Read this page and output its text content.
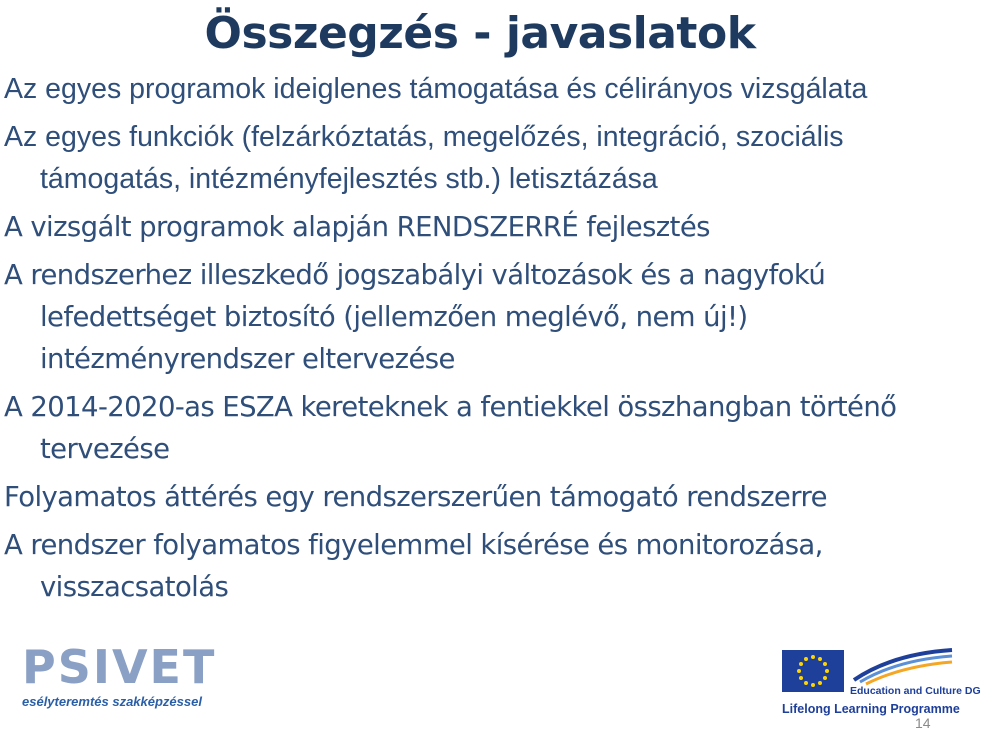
Összegzés - javaslatok
Az egyes programok ideiglenes támogatása és célirányos vizsgálata
Az egyes funkciók (felzárkóztatás, megelőzés, integráció, szociális támogatás, intézményfejlesztés stb.) letisztázása
A vizsgált programok alapján RENDSZERRÉ fejlesztés
A rendszerhez illeszkedő jogszabályi változások és a nagyfokú lefedettséget biztosító (jellemzően meglévő, nem új!) intézményrendszer eltervezése
A 2014-2020-as ESZA kereteknek a fentiekkel összhangban történő tervezése
Folyamatos áttérés egy rendszerszerűen támogató rendszerre
A rendszer folyamatos figyelemmel kísérése és monitorozása, visszacsatolás
PSIVET
esélyteremtés szakképzéssel
Education and Culture DG
Lifelong Learning Programme
14
